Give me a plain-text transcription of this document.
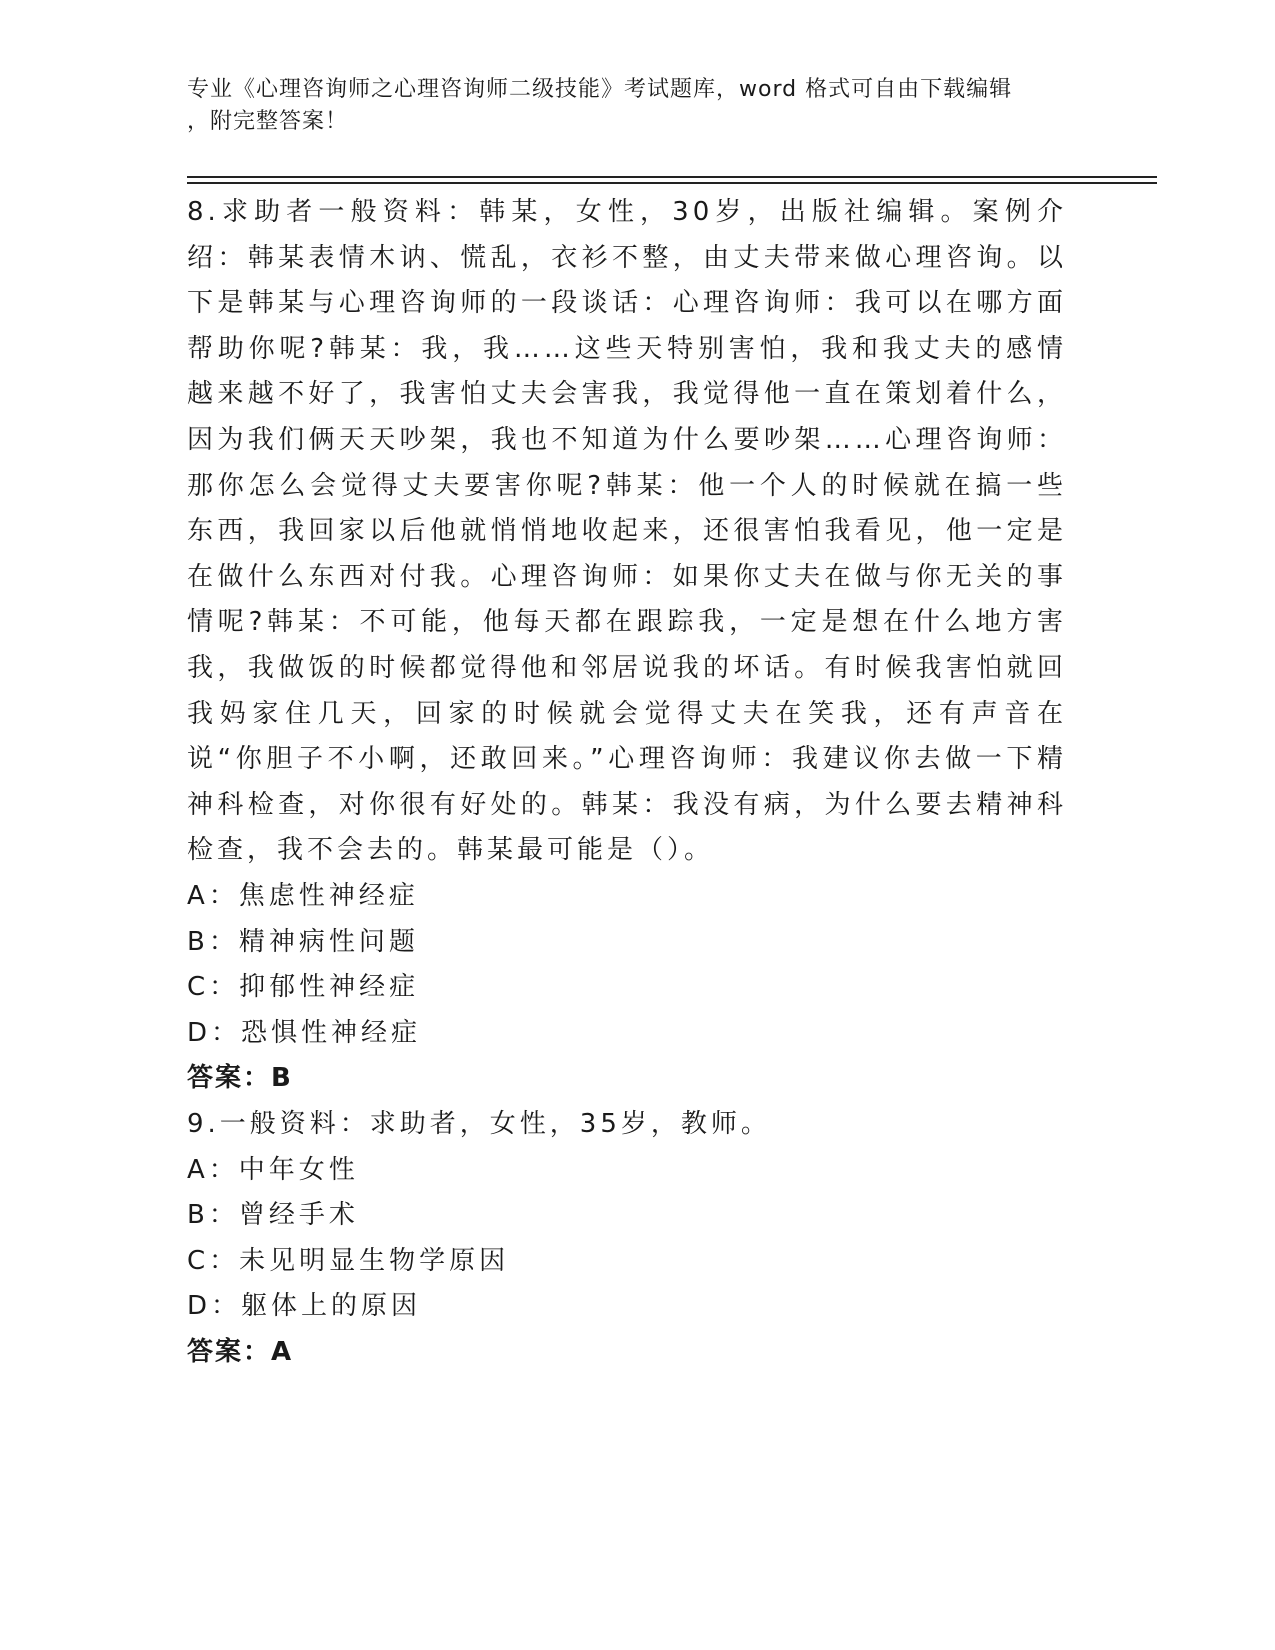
专业《心理咨询师之心理咨询师二级技能》考试题库，word 格式可自由下载编辑
，附完整答案！

8.求助者一般资料：韩某，女性，30岁，出版社编辑。案例介绍：韩某表情木讷、慌乱，衣衫不整，由丈夫带来做心理咨询。以下是韩某与心理咨询师的一段谈话：心理咨询师：我可以在哪方面帮助你呢?韩某：我，我……这些天特别害怕，我和我丈夫的感情越来越不好了，我害怕丈夫会害我，我觉得他一直在策划着什么，因为我们俩天天吵架，我也不知道为什么要吵架……心理咨询师：那你怎么会觉得丈夫要害你呢?韩某：他一个人的时候就在搞一些东西，我回家以后他就悄悄地收起来，还很害怕我看见，他一定是在做什么东西对付我。心理咨询师：如果你丈夫在做与你无关的事情呢?韩某：不可能，他每天都在跟踪我，一定是想在什么地方害我，我做饭的时候都觉得他和邻居说我的坏话。有时候我害怕就回我妈家住几天，回家的时候就会觉得丈夫在笑我，还有声音在说“你胆子不小啊，还敢回来。”心理咨询师：我建议你去做一下精神科检查，对你很有好处的。韩某：我没有病，为什么要去精神科检查，我不会去的。韩某最可能是（）。

A：焦虑性神经症
B：精神病性问题
C：抑郁性神经症
D：恐惧性神经症
答案：B

9.一般资料：求助者，女性，35岁，教师。

A：中年女性
B：曾经手术
C：未见明显生物学原因
D：躯体上的原因
答案：A
